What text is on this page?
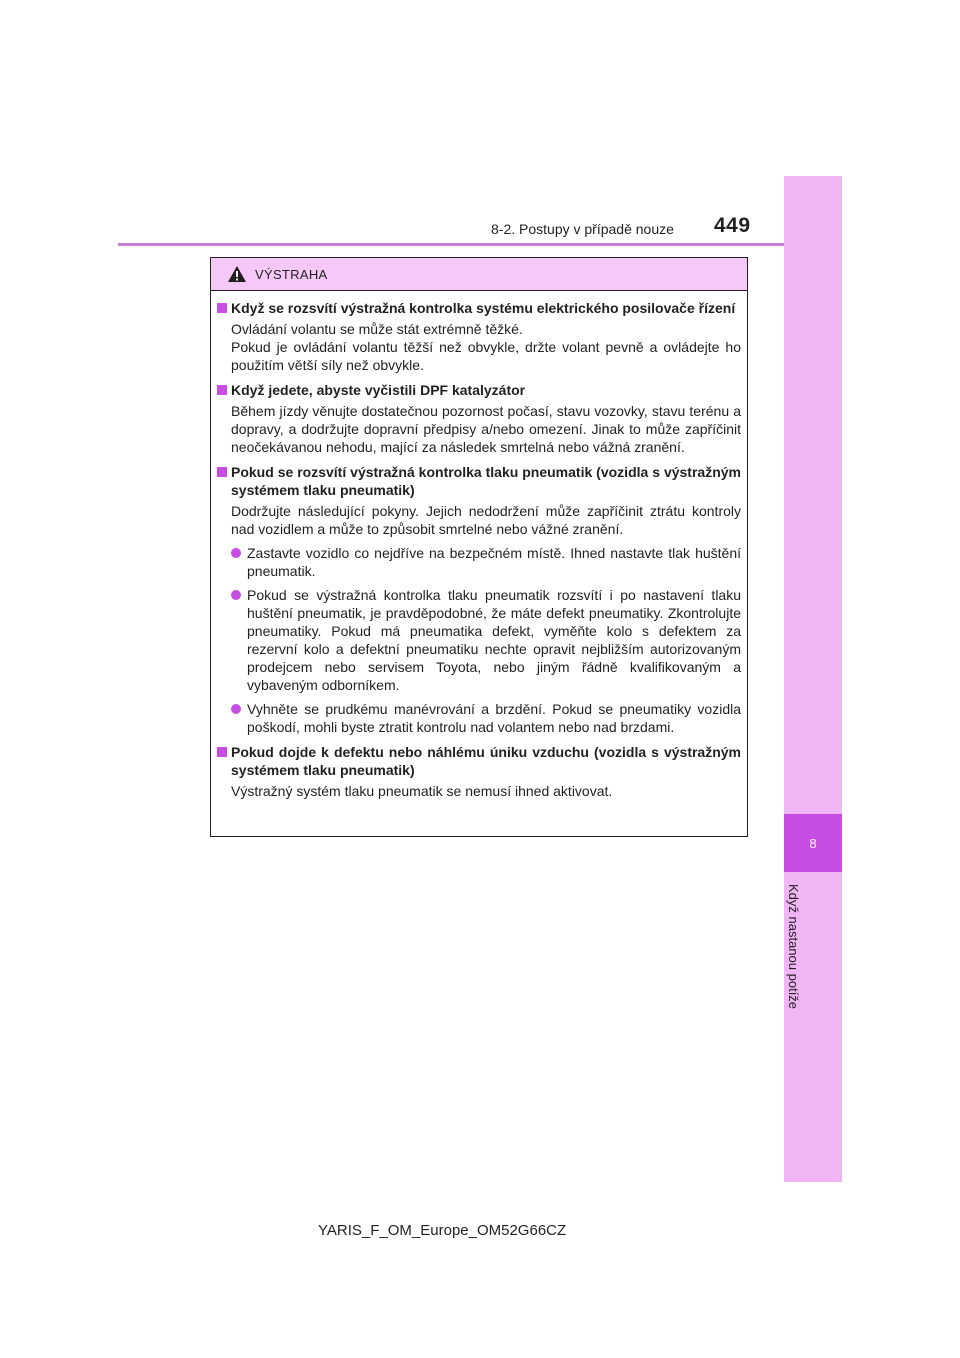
8-2. Postupy v případě nouze 449
8
Když nastanou potíže
VÝSTRAHA
Když se rozsvítí výstražná kontrolka systému elektrického posilovače řízení
Ovládání volantu se může stát extrémně těžké.
Pokud je ovládání volantu těžší než obvykle, držte volant pevně a ovládejte ho použitím větší síly než obvykle.
Když jedete, abyste vyčistili DPF katalyzátor
Během jízdy věnujte dostatečnou pozornost počasí, stavu vozovky, stavu terénu a dopravy, a dodržujte dopravní předpisy a/nebo omezení. Jinak to může zapříčinit neočekávanou nehodu, mající za následek smrtelná nebo vážná zranění.
Pokud se rozsvítí výstražná kontrolka tlaku pneumatik (vozidla s výstražným systémem tlaku pneumatik)
Dodržujte následující pokyny. Jejich nedodržení může zapříčinit ztrátu kontroly nad vozidlem a může to způsobit smrtelné nebo vážné zranění.
Zastavte vozidlo co nejdříve na bezpečném místě. Ihned nastavte tlak huštění pneumatik.
Pokud se výstražná kontrolka tlaku pneumatik rozsvítí i po nastavení tlaku huštění pneumatik, je pravděpodobné, že máte defekt pneumatiky. Zkontrolujte pneumatiky. Pokud má pneumatika defekt, vyměňte kolo s defektem za rezervní kolo a defektní pneumatiku nechte opravit nejbližším autorizovaným prodejcem nebo servisem Toyota, nebo jiným řádně kvalifikovaným a vybaveným odborníkem.
Vyhněte se prudkému manévrování a brzdění. Pokud se pneumatiky vozidla poškodí, mohli byste ztratit kontrolu nad volantem nebo nad brzdami.
Pokud dojde k defektu nebo náhlému úniku vzduchu (vozidla s výstražným systémem tlaku pneumatik)
Výstražný systém tlaku pneumatik se nemusí ihned aktivovat.
YARIS_F_OM_Europe_OM52G66CZ
